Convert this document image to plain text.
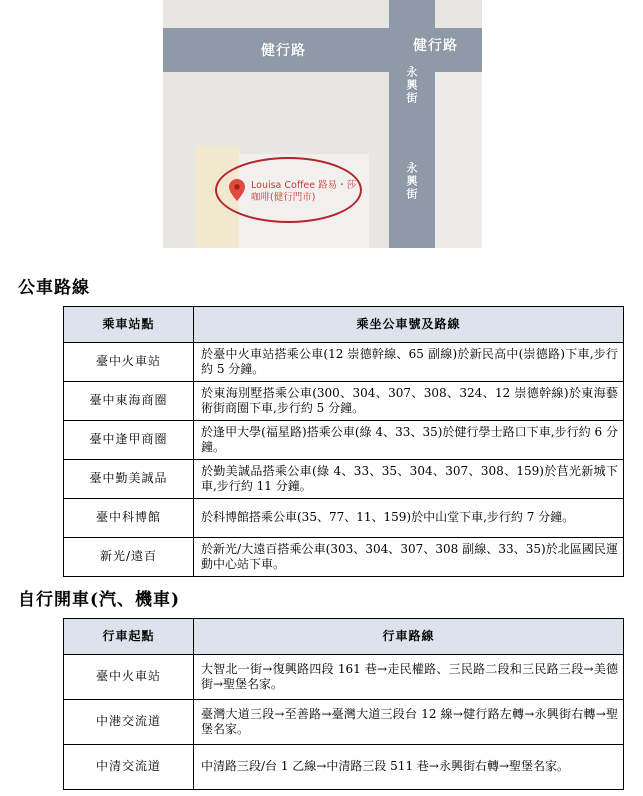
健行路	健行路
永興街
永興街
Louisa Coffee 路易・莎咖啡(健行門市)
公車路線
乘車站點	乘坐公車號及路線
臺中火車站	於臺中火車站搭乘公車(12 崇德幹線、65 副線)於新民高中(崇德路)下車,步行約 5 分鐘。
臺中東海商圈	於東海別墅搭乘公車(300、304、307、308、324、12 崇德幹線)於東海藝術街商圈下車,步行約 5 分鐘。
臺中逢甲商圈	於逢甲大學(福星路)搭乘公車(綠 4、33、35)於健行學士路口下車,步行約 6 分鐘。
臺中勤美誠品	於勤美誠品搭乘公車(綠 4、33、35、304、307、308、159)於苢光新城下車,步行約 11 分鐘。
臺中科博館	於科博館搭乘公車(35、77、11、159)於中山堂下車,步行約 7 分鐘。
新光/遠百	於新光/大遠百搭乘公車(303、304、307、308 副線、33、35)於北區國民運動中心站下車。
自行開車(汽、機車)
行車起點	行車路線
臺中火車站	大智北一街→復興路四段 161 巷→走民權路、三民路二段和三民路三段→美德街→聖堡名家。
中港交流道	臺灣大道三段→至善路→臺灣大道三段台 12 線→健行路左轉→永興街右轉→聖堡名家。
中清交流道	中清路三段/台 1 乙線→中清路三段 511 巷→永興街右轉→聖堡名家。
